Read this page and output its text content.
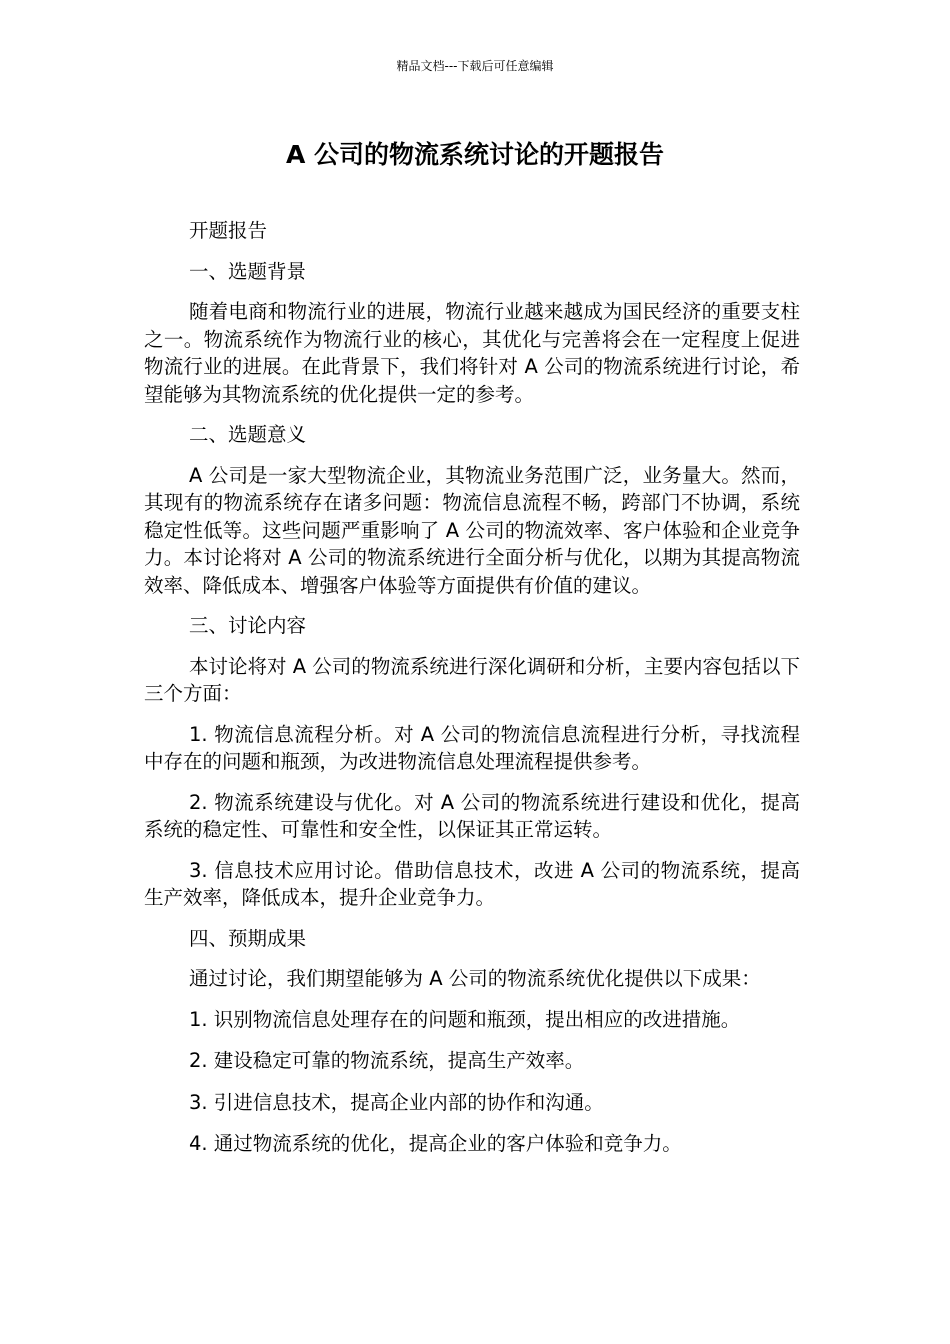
精品文档---下载后可任意编辑
A 公司的物流系统讨论的开题报告

开题报告

一、选题背景

随着电商和物流行业的进展，物流行业越来越成为国民经济的重要支柱之一。物流系统作为物流行业的核心，其优化与完善将会在一定程度上促进物流行业的进展。在此背景下，我们将针对 A 公司的物流系统进行讨论，希望能够为其物流系统的优化提供一定的参考。

二、选题意义

A 公司是一家大型物流企业，其物流业务范围广泛，业务量大。然而，其现有的物流系统存在诸多问题：物流信息流程不畅，跨部门不协调，系统稳定性低等。这些问题严重影响了 A 公司的物流效率、客户体验和企业竞争力。本讨论将对 A 公司的物流系统进行全面分析与优化，以期为其提高物流效率、降低成本、增强客户体验等方面提供有价值的建议。

三、讨论内容

本讨论将对 A 公司的物流系统进行深化调研和分析，主要内容包括以下三个方面：

1. 物流信息流程分析。对 A 公司的物流信息流程进行分析，寻找流程中存在的问题和瓶颈，为改进物流信息处理流程提供参考。

2. 物流系统建设与优化。对 A 公司的物流系统进行建设和优化，提高系统的稳定性、可靠性和安全性，以保证其正常运转。

3. 信息技术应用讨论。借助信息技术，改进 A 公司的物流系统，提高生产效率，降低成本，提升企业竞争力。

四、预期成果

通过讨论，我们期望能够为 A 公司的物流系统优化提供以下成果：

1. 识别物流信息处理存在的问题和瓶颈，提出相应的改进措施。

2. 建设稳定可靠的物流系统，提高生产效率。

3. 引进信息技术，提高企业内部的协作和沟通。

4. 通过物流系统的优化，提高企业的客户体验和竞争力。
